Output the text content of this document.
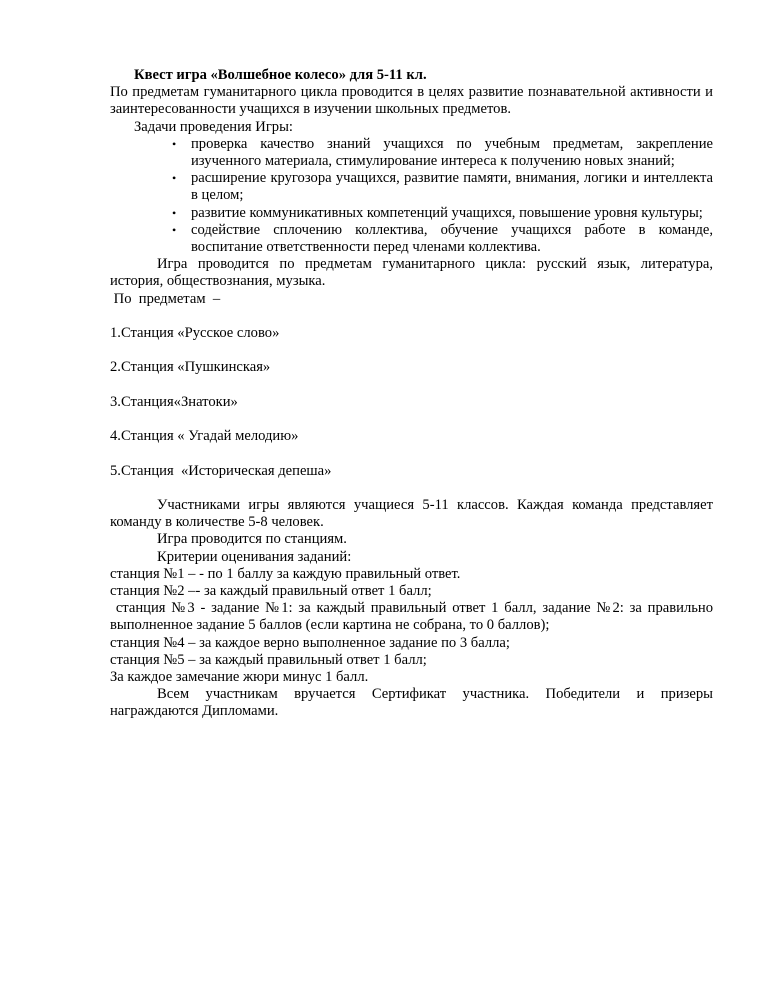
Квест игра «Волшебное колесо» для 5-11 кл.

По предметам гуманитарного цикла проводится в целях развитие познавательной активности и заинтересованности учащихся в изучении школьных предметов.

Задачи проведения Игры:

• проверка качество знаний учащихся по учебным предметам, закрепление изученного материала, стимулирование интереса к получению новых знаний;
• расширение кругозора учащихся, развитие памяти, внимания, логики и интеллекта в целом;
• развитие коммуникативных компетенций учащихся, повышение уровня культуры;
• содействие сплочению коллектива, обучение учащихся работе в команде, воспитание ответственности перед членами коллектива.

Игра проводится по предметам гуманитарного цикла: русский язык, литература, история, обществознания, музыка.

По  предметам  –

1.Станция «Русское слово»

2.Станция «Пушкинская»

3.Станция«Знатоки»

4.Станция « Угадай мелодию»

5.Станция  «Историческая депеша»

Участниками игры являются учащиеся 5-11 классов. Каждая команда представляет команду в количестве 5-8 человек.

Игра проводится по станциям.

Критерии оценивания заданий:

станция №1 – - по 1 баллу за каждую правильный ответ.

станция №2 –- за каждый правильный ответ 1 балл;

станция №3 - задание №1: за каждый правильный ответ 1 балл, задание №2: за правильно выполненное задание 5 баллов (если картина не собрана, то 0 баллов);

станция №4 – за каждое верно выполненное задание по 3 балла;

станция №5 – за каждый правильный ответ 1 балл;

За каждое замечание жюри минус 1 балл.

Всем участникам вручается Сертификат участника. Победители и призеры награждаются Дипломами.
